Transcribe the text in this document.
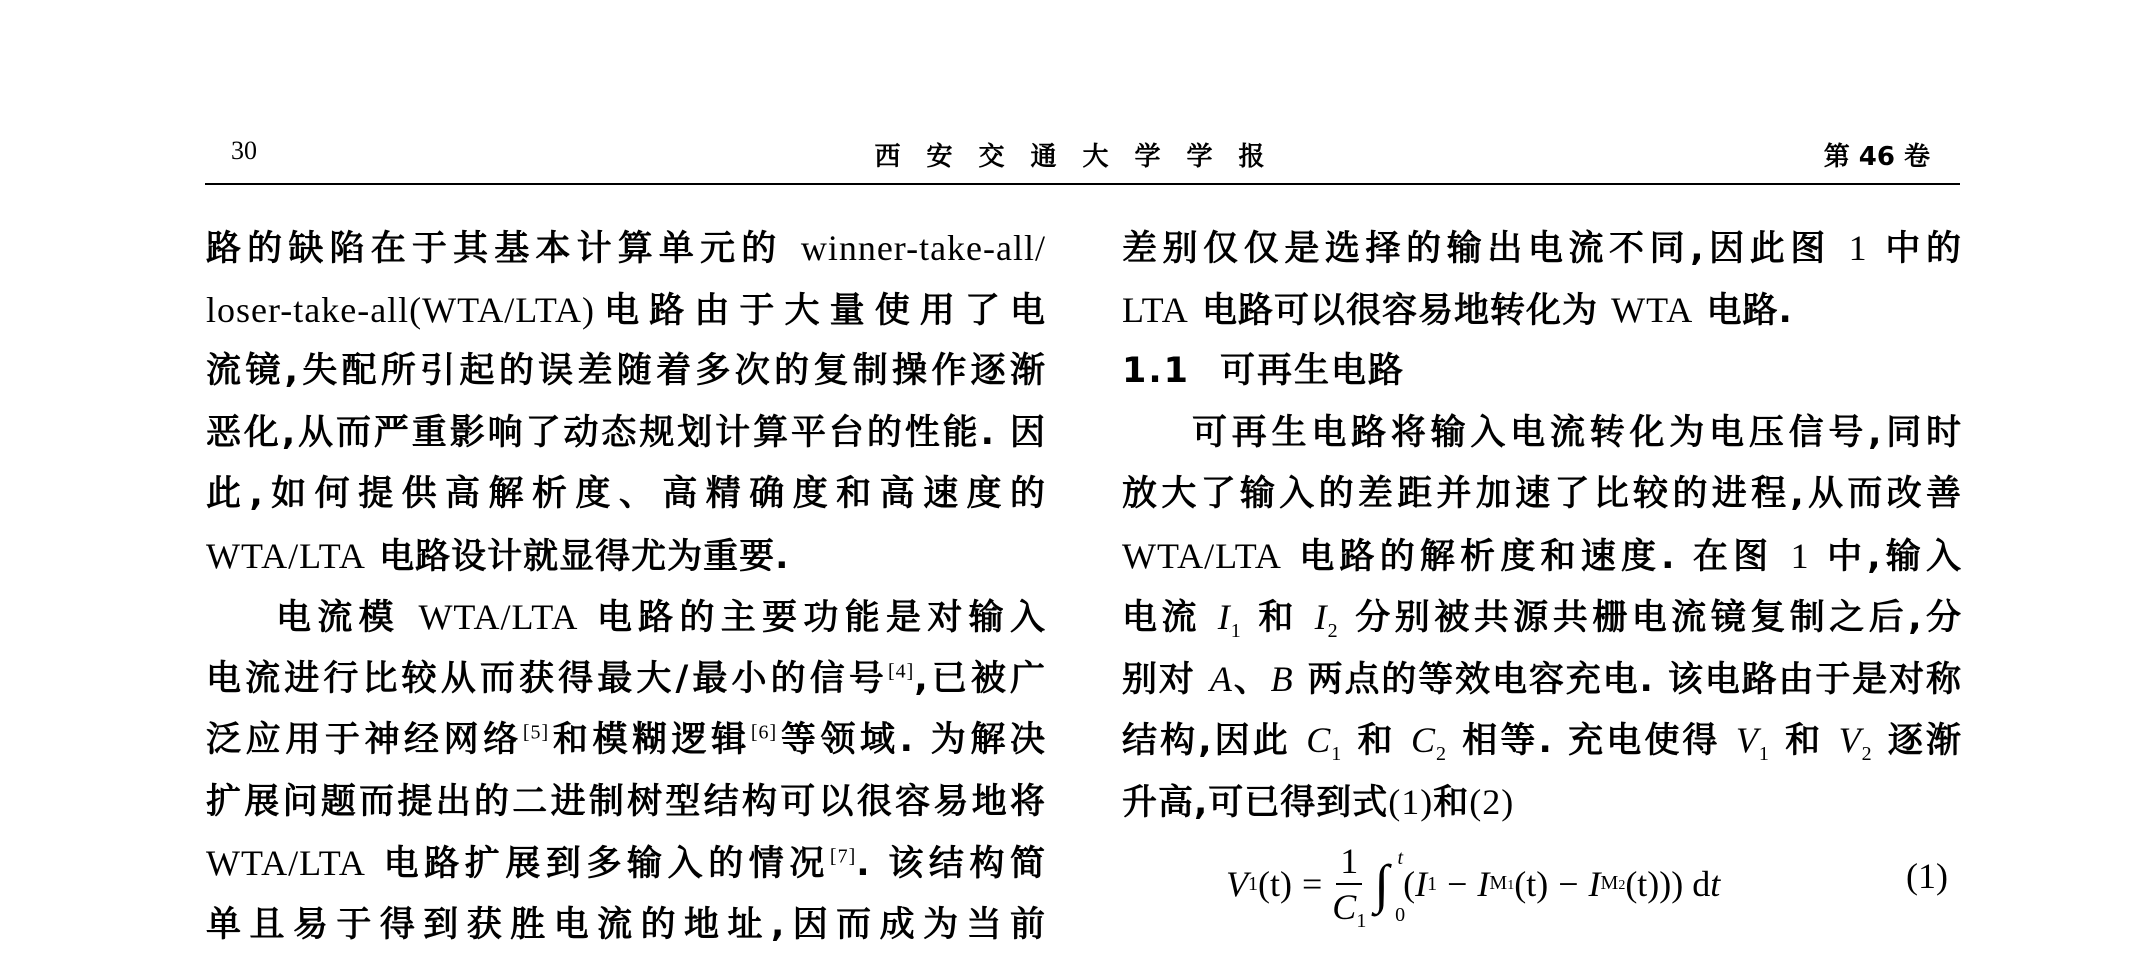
30	西安交通大学学报	第 46 卷
路的缺陷在于其基本计算单元的 winner-take-all/
loser-take-all(WTA/LTA)电路由于大量使用了电
流镜,失配所引起的误差随着多次的复制操作逐渐
恶化,从而严重影响了动态规划计算平台的性能. 因
此,如何提供高解析度、高精确度和高速度的
WTA/LTA 电路设计就显得尤为重要.
电流模 WTA/LTA 电路的主要功能是对输入
电流进行比较从而获得最大/最小的信号[4],已被广
泛应用于神经网络[5]和模糊逻辑[6]等领域. 为解决
扩展问题而提出的二进制树型结构可以很容易地将
WTA/LTA 电路扩展到多输入的情况[7]. 该结构简
单且易于得到获胜电流的地址,因而成为当前
差别仅仅是选择的输出电流不同,因此图 1 中的
LTA 电路可以很容易地转化为 WTA 电路.
1.1 可再生电路
可再生电路将输入电流转化为电压信号,同时
放大了输入的差距并加速了比较的进程,从而改善
WTA/LTA 电路的解析度和速度. 在图 1 中,输入
电流 $I_1$ 和 $I_2$ 分别被共源共栅电流镜复制之后,分
别对 A、B 两点的等效电容充电. 该电路由于是对称
结构,因此 $C_1$ 和 $C_2$ 相等. 充电使得 $V_1$ 和 $V_2$ 逐渐
升高,可已得到式(1)和(2)
V 1 $(t) = \frac{1}{C_1}$ ∫ t
0
( I 1 − I M1 (t) − I M2 (t) )) d t	(1)
